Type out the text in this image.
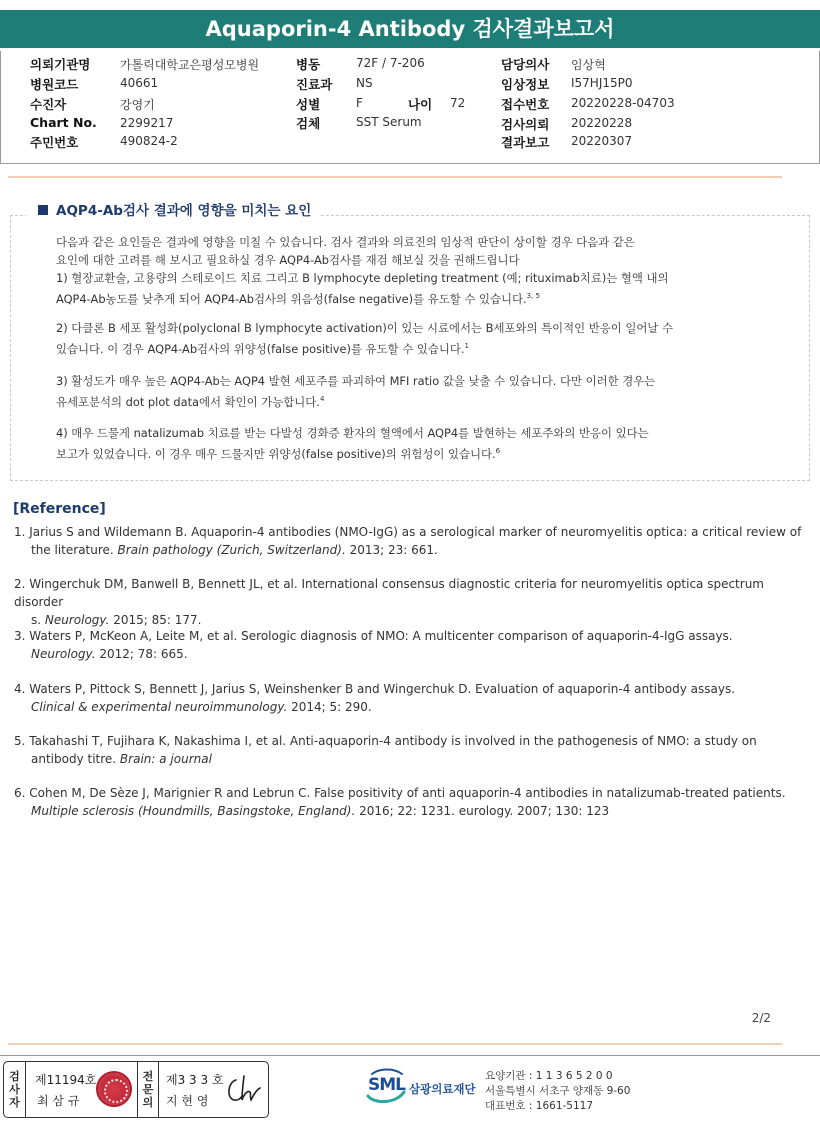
Aquaporin-4 Antibody 검사결과보고서
의뢰기관명 가톨릭대학교은평성모병원
병원코드	40661
수진자	강영기
Chart No. 2299217
주민번호	490824-2
병동	72F / 7-206
진료과 NS
성별	F	나이 72
검체	SST Serum
담당의사 임상혁
임상정보 I57HJ15P0
접수번호 20220228-04703
검사의뢰 20220228
결과보고 20220307
AQP4-Ab검사 결과에 영향을 미치는 요인
다음과 같은 요인들은 결과에 영향을 미칠 수 있습니다. 검사 결과와 의료진의 임상적 판단이 상이할 경우 다음과 같은
요인에 대한 고려를 해 보시고 필요하실 경우 AQP4-Ab검사를 재검 해보실 것을 권해드립니다
1) 혈장교환술, 고용량의 스테로이드 치료 그리고 B lymphocyte depleting treatment (예; rituximab치료)는 혈액 내의
AQP4-Ab농도를 낮추게 되어 AQP4-Ab검사의 위음성(false negative)를 유도할 수 있습니다.$^{3, 5}$
2) 다클론 B 세포 활성화(polyclonal B lymphocyte activation)이 있는 시료에서는 B세포와의 특이적인 반응이 일어날 수
있습니다. 이 경우 AQP4-Ab검사의 위양성(false positive)를 유도할 수 있습니다.$^1$
3) 활성도가 매우 높은 AQP4-Ab는 AQP4 발현 세포주를 파괴하여 MFI ratio 값을 낮출 수 있습니다. 다만 이러한 경우는
유세포분석의 dot plot data에서 확인이 가능합니다.$^4$
4) 매우 드물게 natalizumab 치료를 받는 다발성 경화증 환자의 혈액에서 AQP4를 발현하는 세포주와의 반응이 있다는
보고가 있었습니다. 이 경우 매우 드물지만 위양성(false positive)의 위험성이 있습니다.$^6$
[Reference]
1. Jarius S and Wildemann B. Aquaporin-4 antibodies (NMO-IgG) as a serological marker of neuromyelitis optica: a critical review of
the literature. Brain pathology (Zurich, Switzerland). 2013; 23: 661.
2. Wingerchuk DM, Banwell B, Bennett JL, et al. International consensus diagnostic criteria for neuromyelitis optica spectrum disorder
s. Neurology. 2015; 85: 177.
3. Waters P, McKeon A, Leite M, et al. Serologic diagnosis of NMO: A multicenter comparison of aquaporin-4-IgG assays.
Neurology. 2012; 78: 665.
4. Waters P, Pittock S, Bennett J, Jarius S, Weinshenker B and Wingerchuk D. Evaluation of aquaporin-4 antibody assays.
Clinical & experimental neuroimmunology. 2014; 5: 290.
5. Takahashi T, Fujihara K, Nakashima I, et al. Anti-aquaporin-4 antibody is involved in the pathogenesis of NMO: a study on
antibody titre. Brain: a journal
6. Cohen M, De Sèze J, Marignier R and Lebrun C. False positivity of anti aquaporin-4 antibodies in natalizumab-treated patients.
Multiple sclerosis (Houndmills, Basingstoke, England). 2016; 22: 1231. eurology. 2007; 130: 123
2/2
검사자
제11194호
최 삼 규
전문의
제3 3 3 호
지 현 영
SML 삼광의료재단
요양기관 : 1 1 3 6 5 2 0 0
서울특별시 서초구 양재동 9-60
대표번호 : 1661-5117
